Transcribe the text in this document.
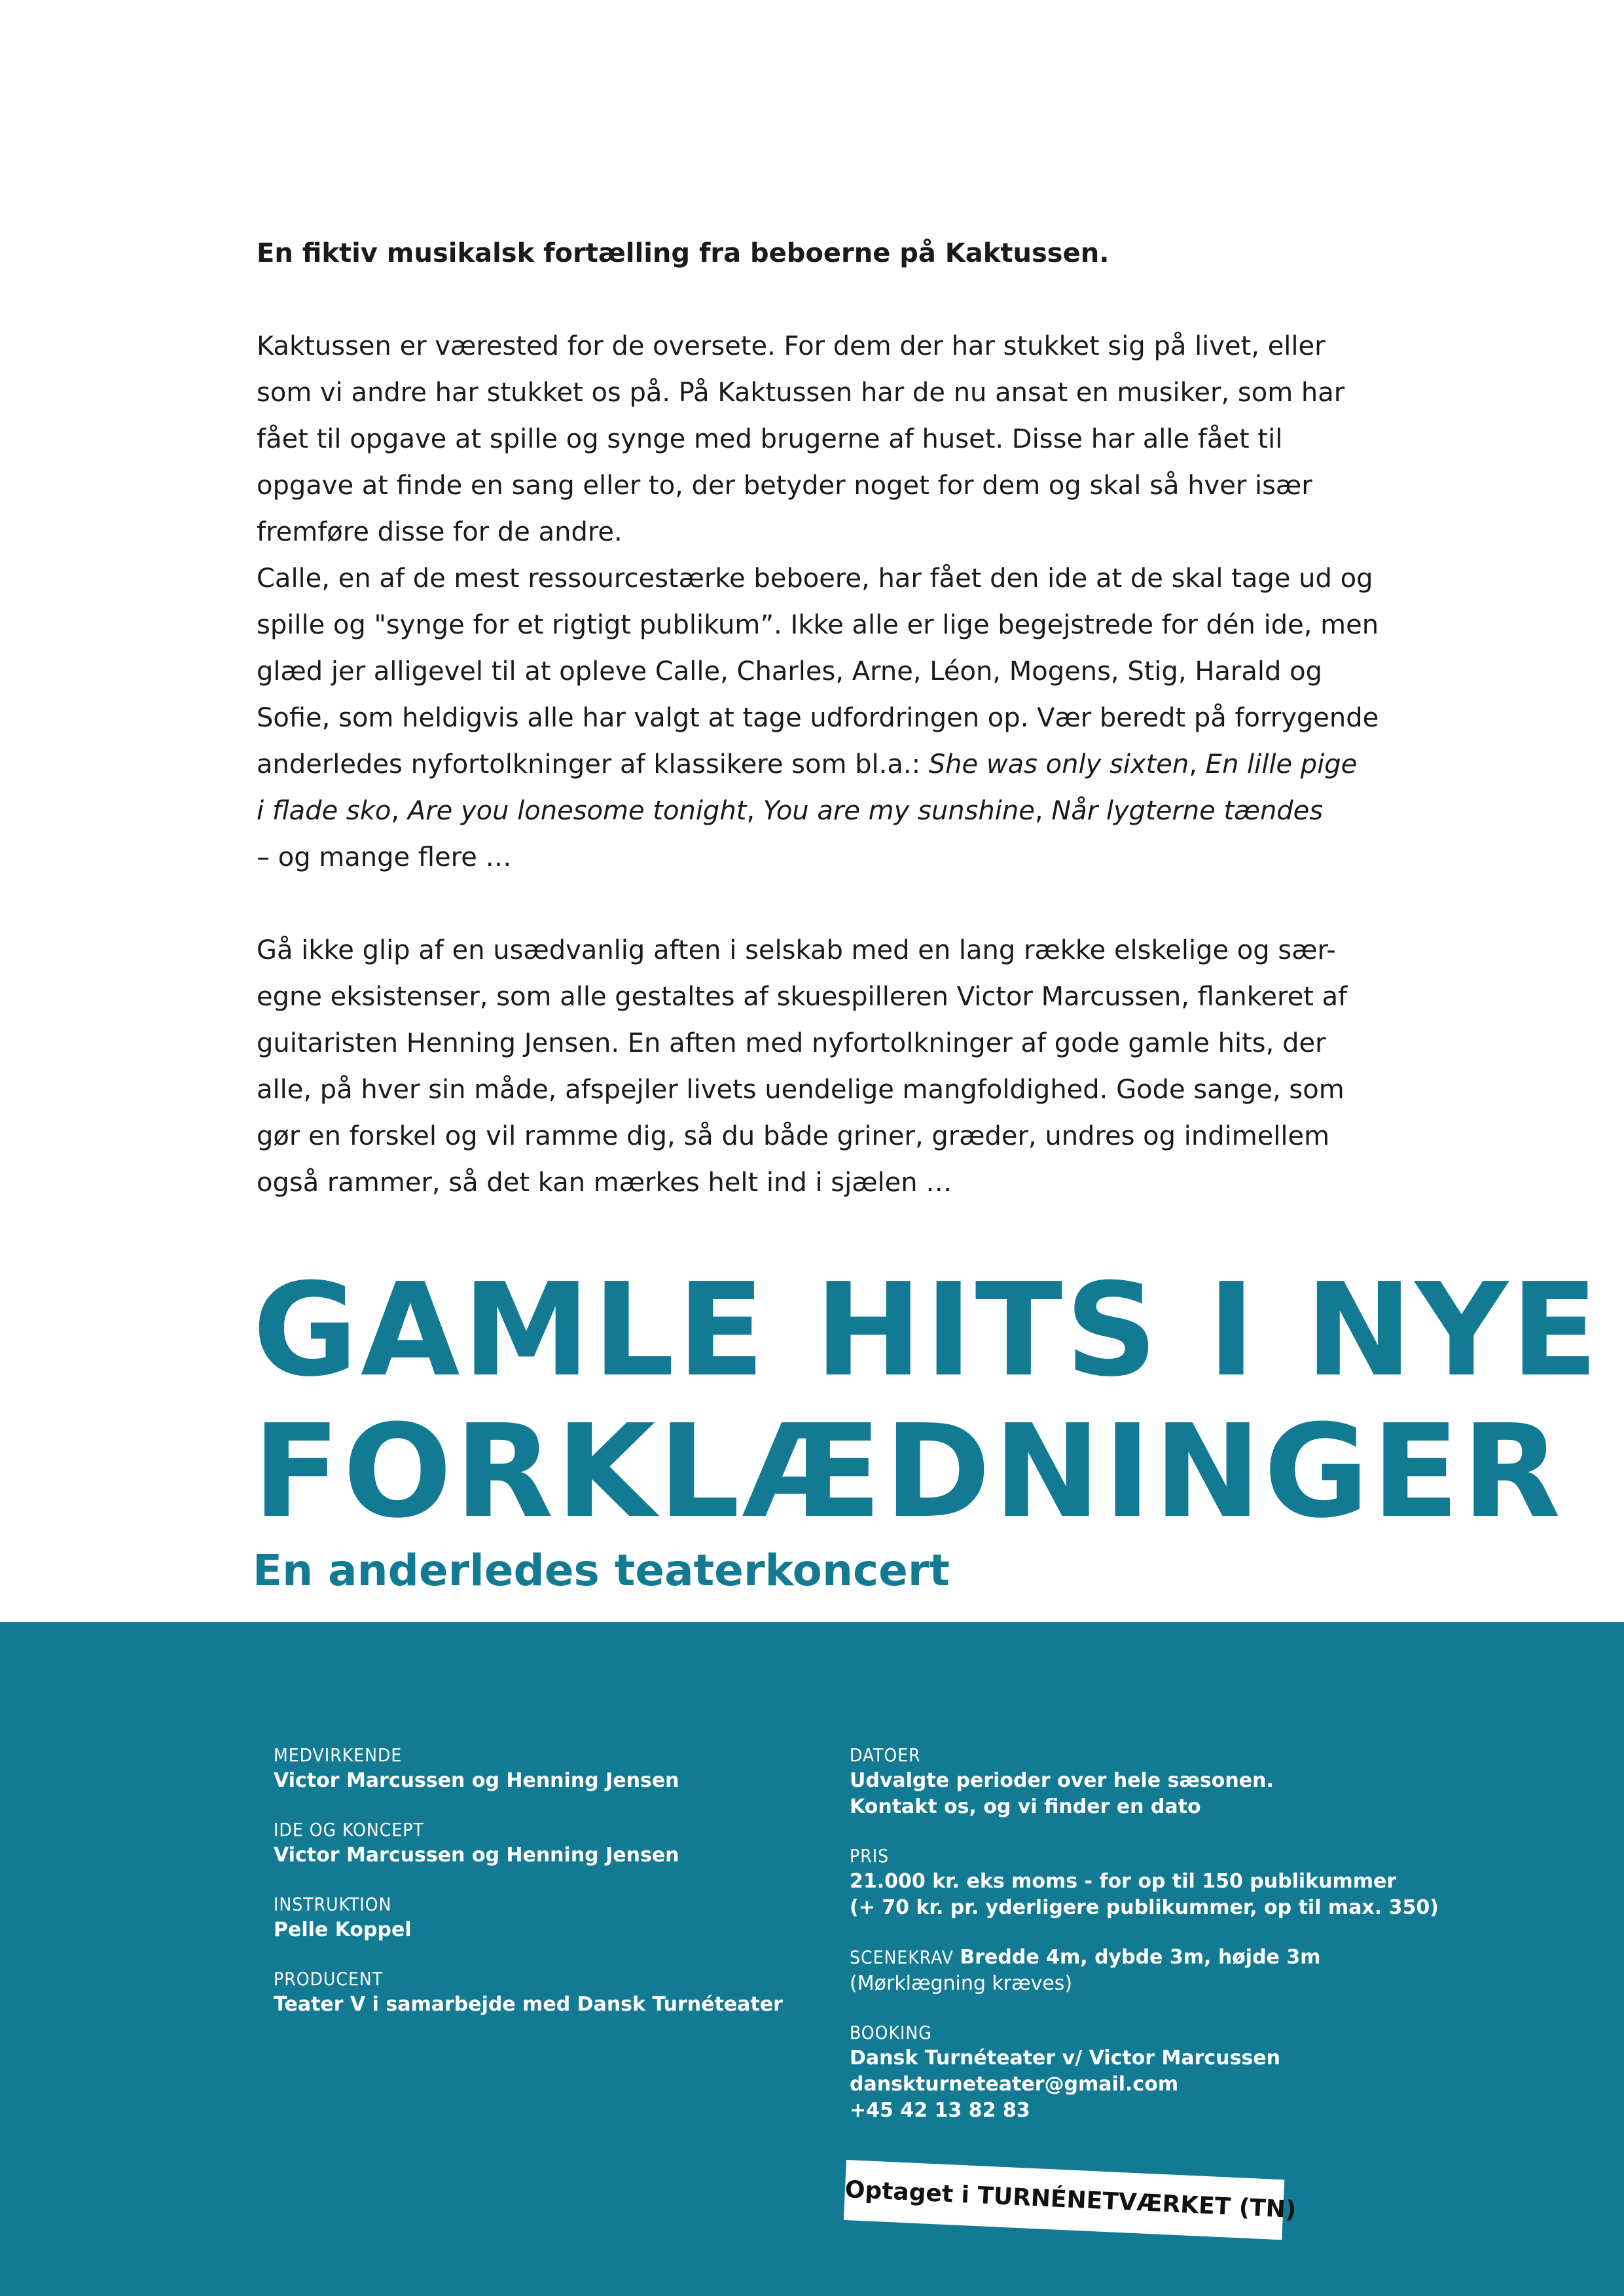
En fiktiv musikalsk fortælling fra beboerne på Kaktussen.

Kaktussen er værested for de oversete. For dem der har stukket sig på livet, eller

som vi andre har stukket os på. På Kaktussen har de nu ansat en musiker, som har

fået til opgave at spille og synge med brugerne af huset. Disse har alle fået til

opgave at finde en sang eller to, der betyder noget for dem og skal så hver især

fremføre disse for de andre.

Calle, en af de mest ressourcestærke beboere, har fået den ide at de skal tage ud og

spille og "synge for et rigtigt publikum”. Ikke alle er lige begejstrede for dén ide, men

glæd jer alligevel til at opleve Calle, Charles, Arne, Léon, Mogens, Stig, Harald og

Sofie, som heldigvis alle har valgt at tage udfordringen op. Vær beredt på forrygende

anderledes nyfortolkninger af klassikere som bl.a.: She was only sixten, En lille pige

i flade sko, Are you lonesome tonight, You are my sunshine, Når lygterne tændes

– og mange flere …

Gå ikke glip af en usædvanlig aften i selskab med en lang række elskelige og sær-

egne eksistenser, som alle gestaltes af skuespilleren Victor Marcussen, flankeret af

guitaristen Henning Jensen. En aften med nyfortolkninger af gode gamle hits, der

alle, på hver sin måde, afspejler livets uendelige mangfoldighed. Gode sange, som

gør en forskel og vil ramme dig, så du både griner, græder, undres og indimellem

også rammer, så det kan mærkes helt ind i sjælen …

GAMLE HITS I NYE
FORKLÆDNINGER
En anderledes teaterkoncert
MEDVIRKENDE
Victor Marcussen og Henning Jensen
IDE OG KONCEPT
Victor Marcussen og Henning Jensen
INSTRUKTION
Pelle Koppel
PRODUCENT
Teater V i samarbejde med Dansk Turnéteater
DATOER
Udvalgte perioder over hele sæsonen.
Kontakt os, og vi finder en dato
PRIS
21.000 kr. eks moms - for op til 150 publikummer
(+ 70 kr. pr. yderligere publikummer, op til max. 350)
SCENEKRAV Bredde 4m, dybde 3m, højde 3m
(Mørklægning kræves)
BOOKING
Dansk Turnéteater v/ Victor Marcussen
danskturneteater@gmail.com
+45 42 13 82 83
Optaget i TURNÉNETVÆRKET (TN)
